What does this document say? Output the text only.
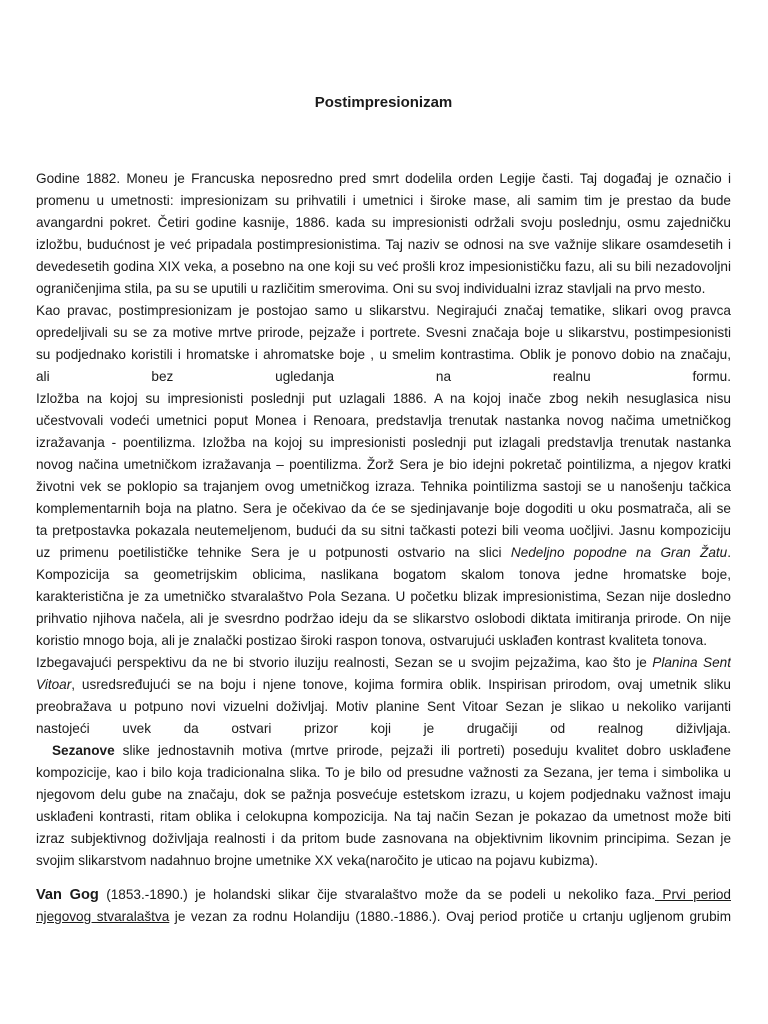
Postimpresionizam
Godine 1882. Moneu je Francuska neposredno pred smrt dodelila orden Legije časti. Taj događaj je označio i
promenu u umetnosti: impresionizam su prihvatili i umetnici i široke mase, ali samim tim je prestao da bude
avangardni pokret. Četiri godine kasnije, 1886. kada su impresionisti održali svoju poslednju, osmu zajedničku
izložbu, budućnost je već pripadala postimpresionistima. Taj naziv se odnosi na sve važnije slikare osamdesetih i
devedesetih godina XIX veka, a posebno na one koji su već prošli kroz impesionističku fazu, ali su bili nezadovoljni
ograničenjima stila, pa su se uputili u različitim smerovima. Oni su svoj individualni izraz stavljali na prvo mesto.
Kao pravac, postimpresionizam je postojao samo u slikarstvu. Negirajući značaj tematike, slikari ovog pravca
opredeljivali su se za motive mrtve prirode, pejzaže i portrete. Svesni značaja boje u slikarstvu, postimpesionisti
su podjednako koristili i hromatske i ahromatske boje , u smelim kontrastima. Oblik je ponovo dobio na značaju,
ali bez ugledanja na realnu formu.
Izložba na kojoj su impresionisti poslednji put uzlagali 1886. A na kojoj inače zbog nekih nesuglasica nisu
učestvovali vodeći umetnici poput Monea i Renoara, predstavlja trenutak nastanka novog načima umetničkog
izražavanja - poentilizma. Izložba na kojoj su impresionisti poslednji put izlagali predstavlja trenutak nastanka
novog načina umetničkom izražavanja – poentilizma. Žorž Sera je bio idejni pokretač pointilizma, a njegov kratki
životni vek se poklopio sa trajanjem ovog umetničkog izraza. Tehnika pointilizma sastoji se u nanošenju tačkica
komplementarnih boja na platno. Sera je očekivao da će se sjedinjavanje boje dogoditi u oku posmatrača, ali se
ta pretpostavka pokazala neutemeljenom, budući da su sitni tačkasti potezi bili veoma uočljivi. Jasnu kompoziciju
uz primenu poetilističke tehnike Sera je u potpunosti ostvario na slici Nedeljno popodne na Gran Žatu.
Kompozicija sa geometrijskim oblicima, naslikana bogatom skalom tonova jedne hromatske boje,
karakteristična je za umetničko stvaralaštvo Pola Sezana. U početku blizak impresionistima, Sezan nije dosledno
prihvatio njihova načela, ali je svesrdno podržao ideju da se slikarstvo oslobodi diktata imitiranja prirode. On nije
koristio mnogo boja, ali je znalački postizao široki raspon tonova, ostvarujući usklađen kontrast kvaliteta tonova.
Izbegavajući perspektivu da ne bi stvorio iluziju realnosti, Sezan se u svojim pejzažima, kao što je Planina Sent
Vitoar, usredsređujući se na boju i njene tonove, kojima formira oblik. Inspirisan prirodom, ovaj umetnik sliku
preobražava u potpuno novi vizuelni doživljaj. Motiv planine Sent Vitoar Sezan je slikao u nekoliko varijanti
nastojeći uvek da ostvari prizor koji je drugačiji od realnog diživljaja.
Sezanove slike jednostavnih motiva (mrtve prirode, pejzaži ili portreti) poseduju kvalitet dobro usklađene
kompozicije, kao i bilo koja tradicionalna slika. To je bilo od presudne važnosti za Sezana, jer tema i simbolika u
njegovom delu gube na značaju, dok se pažnja posvećuje estetskom izrazu, u kojem podjednaku važnost imaju
usklađeni kontrasti, ritam oblika i celokupna kompozicija. Na taj način Sezan je pokazao da umetnost može biti
izraz subjektivnog doživljaja realnosti i da pritom bude zasnovana na objektivnim likovnim principima. Sezan je
svojim slikarstvom nadahnuo brojne umetnike XX veka(naročito je uticao na pojavu kubizma).
Van Gog (1853.-1890.) je holandski slikar čije stvaralaštvo može da se podeli u nekoliko faza. Prvi period
njegovog stvaralaštva je vezan za rodnu Holandiju (1880.-1886.). Ovaj period protiče u crtanju ugljenom grubim
